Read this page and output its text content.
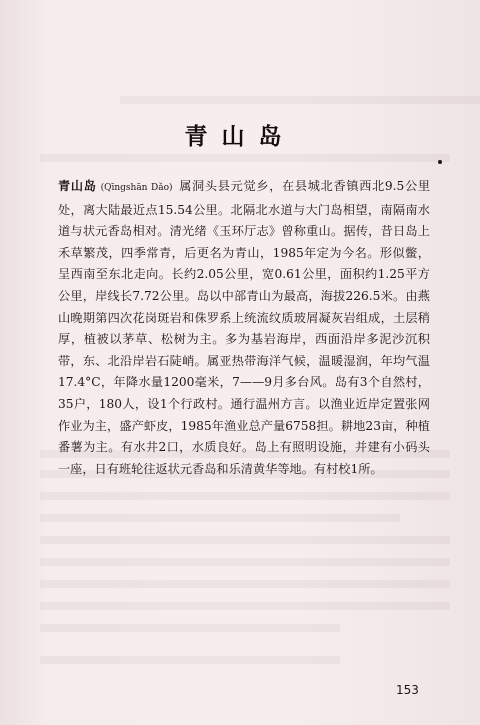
青山岛
青山岛 (Qīngshān Dǎo) 属洞头县元觉乡，在县城北香镇西北9.5公里处，离大陆最近点15.54公里。北隔北水道与大门岛相望，南隔南水道与状元香岛相对。清光绪《玉环厅志》曾称重山。据传，昔日岛上禾草繁茂，四季常青，后更名为青山，1985年定为今名。形似鳖，呈西南至东北走向。长约2.05公里，宽0.61公里，面积约1.25平方公里，岸线长7.72公里。岛以中部青山为最高，海拔226.5米。由燕山晚期第四次花岗斑岩和侏罗系上统流纹质玻屑凝灰岩组成，土层稍厚，植被以茅草、松树为主。多为基岩海岸，西面沿岸多泥沙沉积带，东、北沿岸岩石陡峭。属亚热带海洋气候，温暖湿润，年均气温17.4°C，年降水量1200毫米，7——9月多台风。岛有3个自然村，35户，180人，设1个行政村。通行温州方言。以渔业近岸定置张网作业为主，盛产虾皮，1985年渔业总产量6758担。耕地23亩，种植番薯为主。有水井2口，水质良好。岛上有照明设施，并建有小码头一座，日有班轮往返状元香岛和乐清黄华等地。有村校1所。
153
